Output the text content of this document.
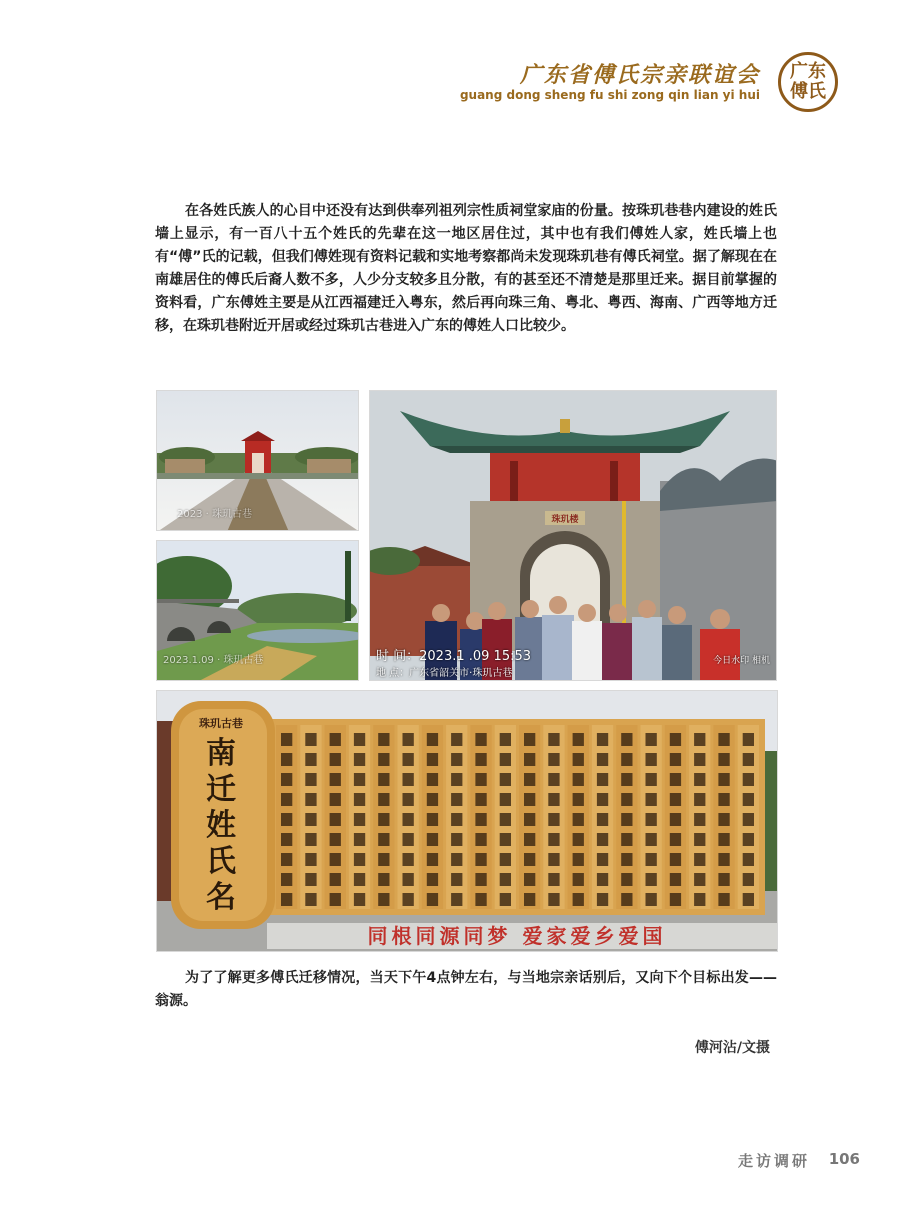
广东省傅氏宗亲联谊会
guang dong sheng fu shi zong qin lian yi hui
广东
傅氏
在各姓氏族人的心目中还没有达到供奉列祖列宗性质祠堂家庙的份量。按珠玑巷巷内建设的姓氏墙上显示，有一百八十五个姓氏的先辈在这一地区居住过，其中也有我们傅姓人家，姓氏墙上也有“傅”氏的记载，但我们傅姓现有资料记载和实地考察都尚未发现珠玑巷有傅氏祠堂。据了解现在在南雄居住的傅氏后裔人数不多，人少分支较多且分散，有的甚至还不清楚是那里迁来。据目前掌握的资料看，广东傅姓主要是从江西福建迁入粤东，然后再向珠三角、粤北、粤西、海南、广西等地方迁移，在珠玑巷附近开居或经过珠玑古巷进入广东的傅姓人口比较少。
2023 · 珠玑古巷
2023.1.09 · 珠玑古巷
珠玑楼
时 间：2023.1 .09 15:53
地 点：广东省韶关市·珠玑古巷
今日水印 相机
珠玑古巷
南
迁
姓
氏
名
同根同源同梦 爱家爱乡爱国
为了了解更多傅氏迁移情况，当天下午4点钟左右，与当地宗亲话别后，又向下个目标出发——翁源。
傅河沾/文摄
走访调研 106
